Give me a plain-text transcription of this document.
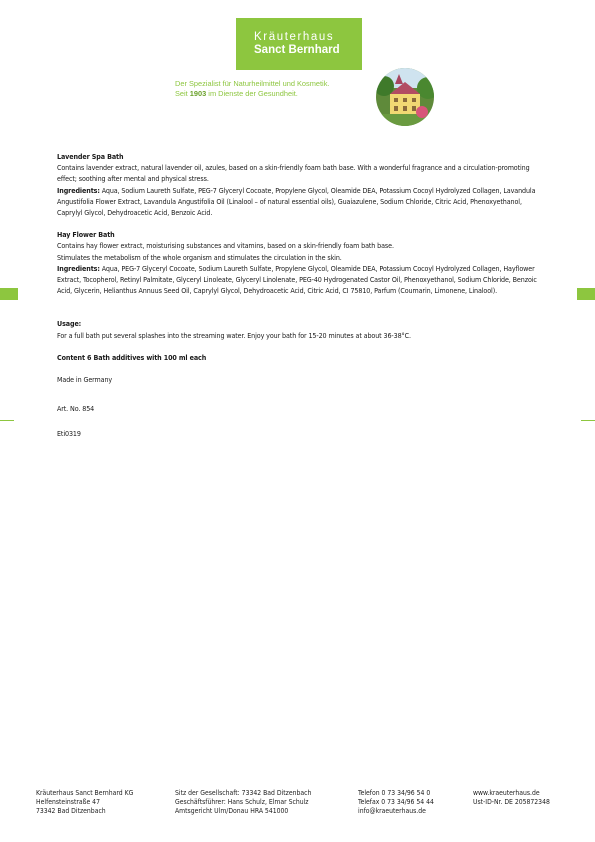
Kräuterhaus
Sanct Bernhard
Der Spezialist für Naturheilmittel und Kosmetik.
Seit 1903 im Dienste der Gesundheit.

Lavender Spa Bath

Contains lavender extract, natural lavender oil, azules, based on a skin-friendly foam bath base. With a wonderful fragrance and a circulation-promoting effect; soothing after mental and physical stress.

Ingredients: Aqua, Sodium Laureth Sulfate, PEG-7 Glyceryl Cocoate, Propylene Glycol, Oleamide DEA, Potassium Cocoyl Hydrolyzed Collagen, Lavandula Angustifolia Flower Extract, Lavandula Angustifolia Oil (Linalool – of natural essential oils), Guaiazulene, Sodium Chloride, Citric Acid, Phenoxyethanol, Caprylyl Glycol, Dehydroacetic Acid, Benzoic Acid.

Hay Flower Bath

Contains hay flower extract, moisturising substances and vitamins, based on a skin-friendly foam bath base.

Stimulates the metabolism of the whole organism and stimulates the circulation in the skin.

Ingredients: Aqua, PEG-7 Glyceryl Cocoate, Sodium Laureth Sulfate, Propylene Glycol, Oleamide DEA, Potassium Cocoyl Hydrolyzed Collagen, Hayflower Extract, Tocopherol, Retinyl Palmitate, Glyceryl Linoleate, Glyceryl Linolenate, PEG-40 Hydrogenated Castor Oil, Phenoxyethanol, Sodium Chloride, Benzoic Acid, Glycerin, Helianthus Annuus Seed Oil, Caprylyl Glycol, Dehydroacetic Acid, Citric Acid, CI 75810, Parfum (Coumarin, Limonene, Linalool).

Usage:

For a full bath put several splashes into the streaming water. Enjoy your bath for 15-20 minutes at about 36-38°C.

Content 6 Bath additives with 100 ml each

Made in Germany

Art. No. 854

Eti0319

Kräuterhaus Sanct Bernhard KG
Helfensteinstraße 47
73342 Bad Ditzenbach
Sitz der Gesellschaft: 73342 Bad Ditzenbach
Geschäftsführer: Hans Schulz, Elmar Schulz
Amtsgericht Ulm/Donau HRA 541000
Telefon 0 73 34/96 54 0
Telefax 0 73 34/96 54 44
info@kraeuterhaus.de
www.kraeuterhaus.de
Ust-ID-Nr. DE 205872348
